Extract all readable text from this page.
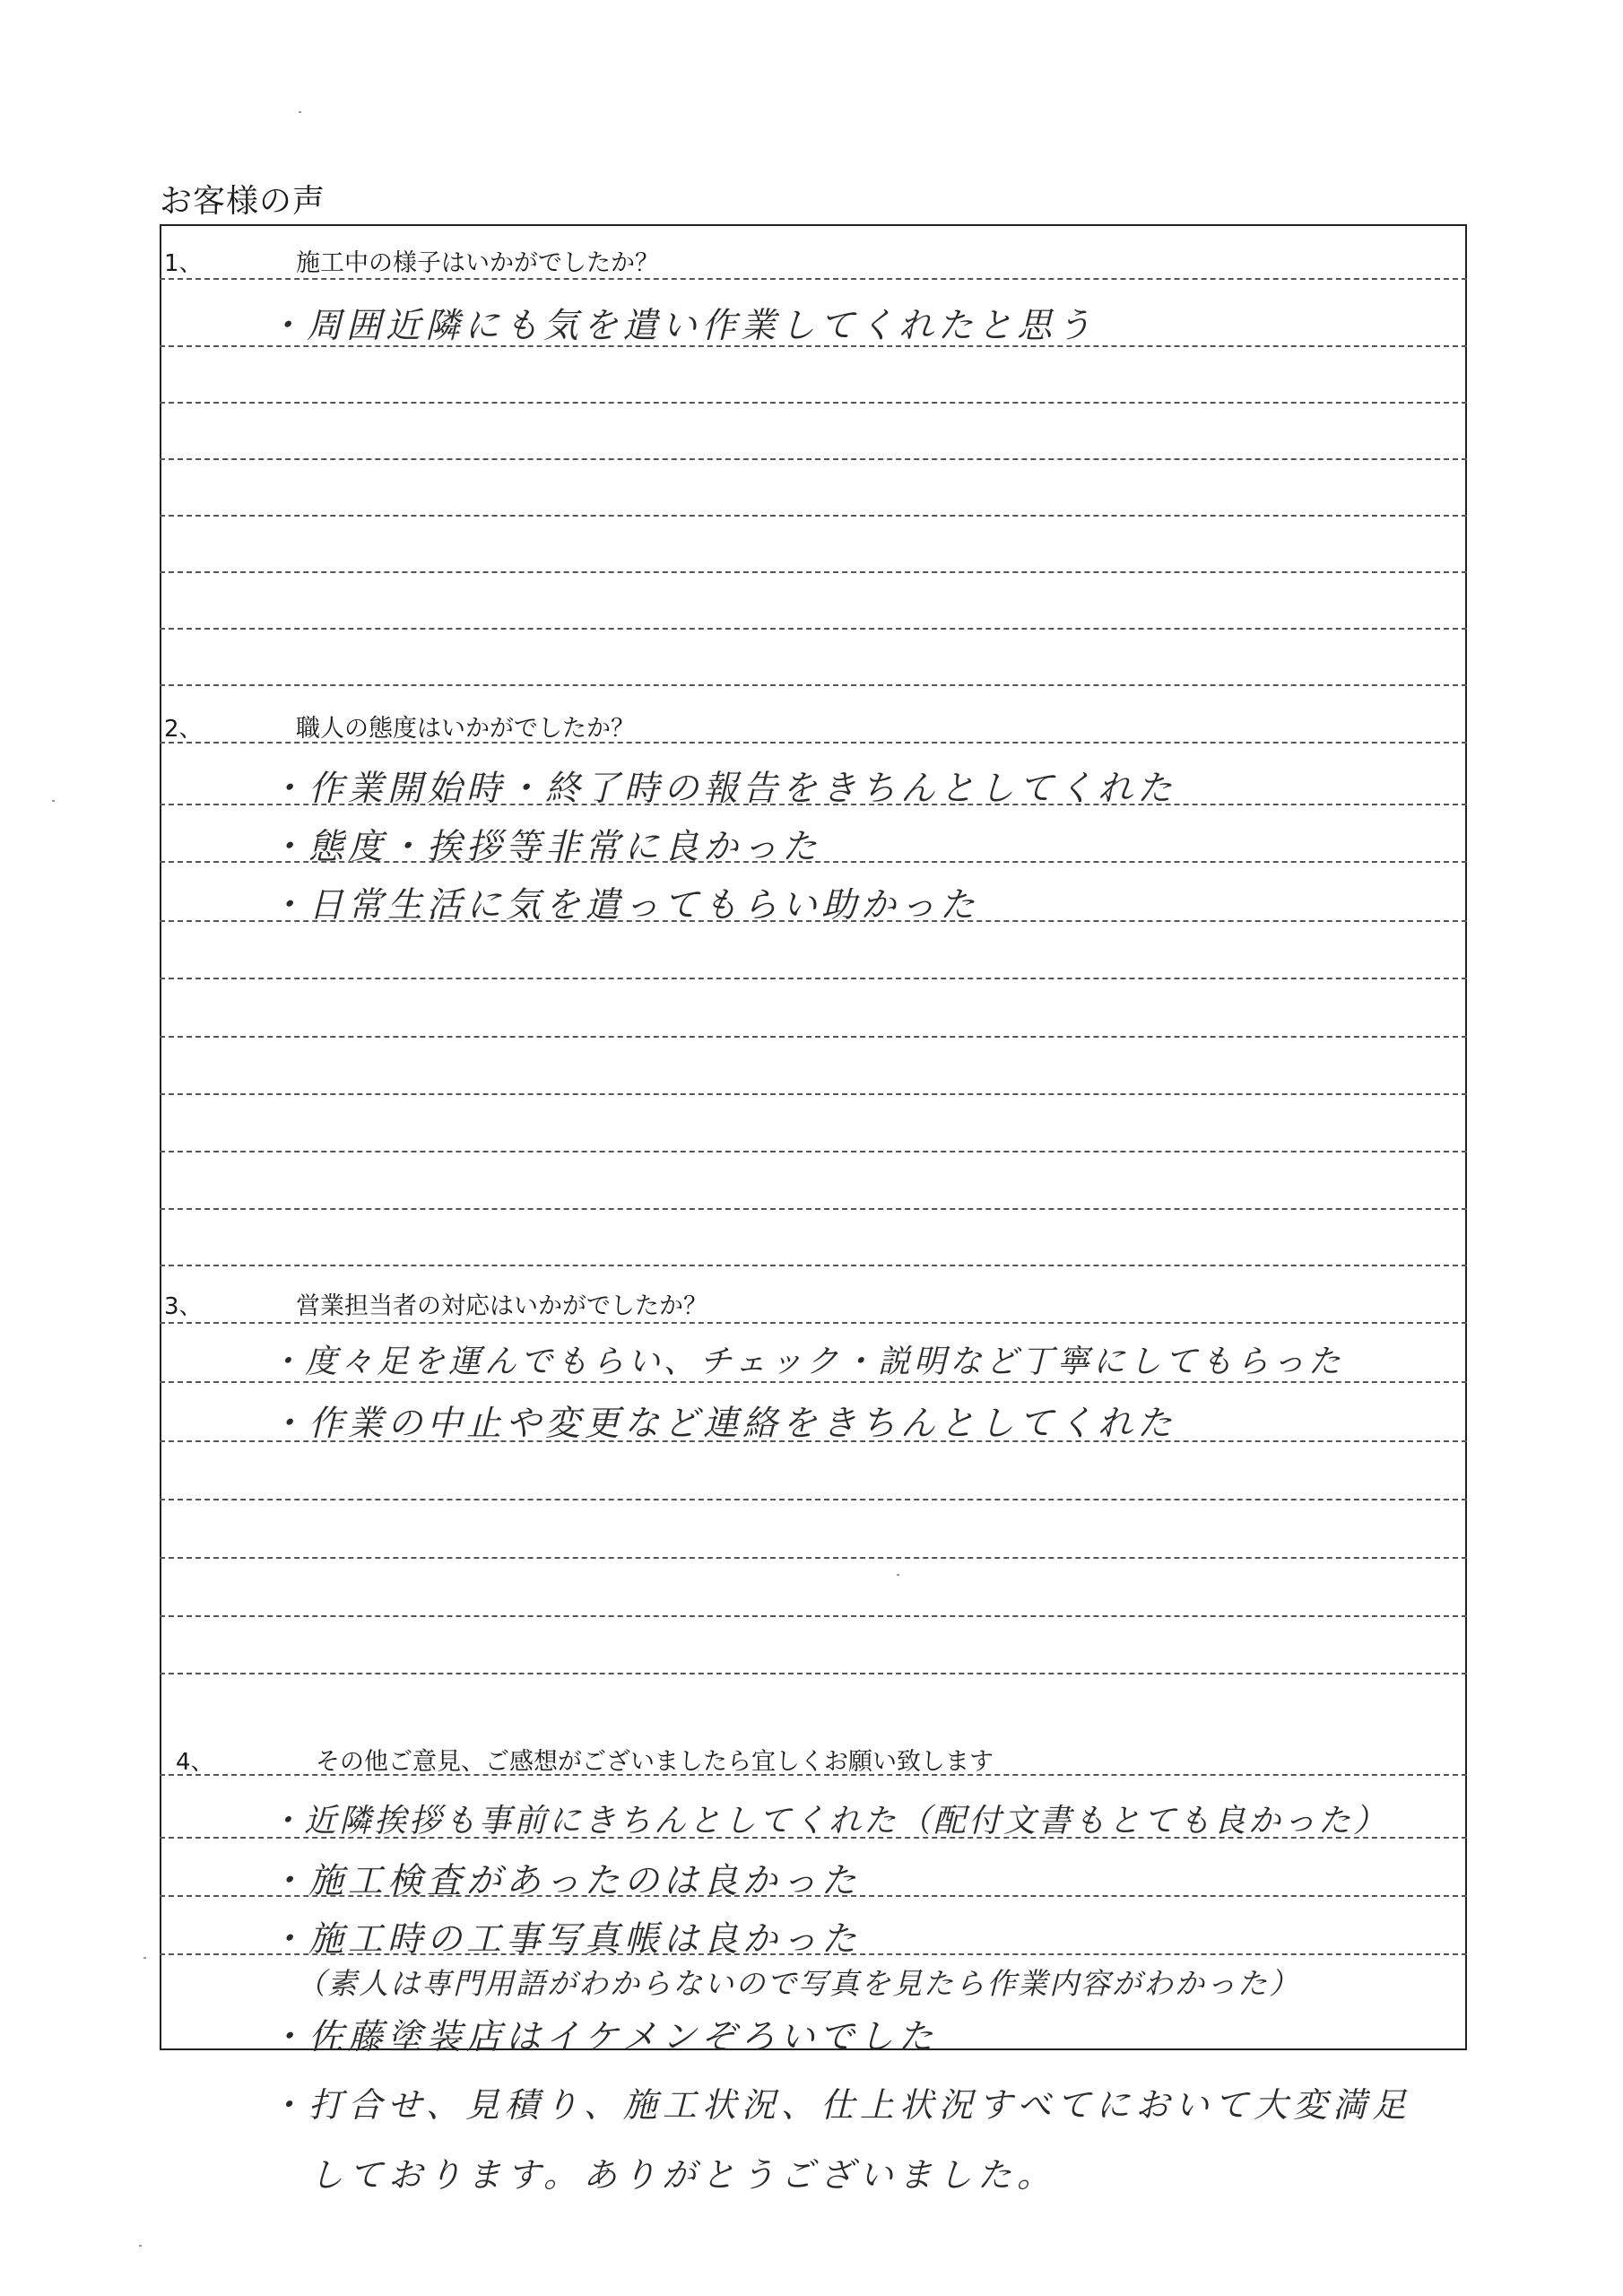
お客様の声
1、	施工中の様子はいかがでしたか？
・周囲近隣にも気を遣い作業してくれたと思う
2、	職人の態度はいかがでしたか？
・作業開始時・終了時の報告をきちんとしてくれた
・態度・挨拶等非常に良かった
・日常生活に気を遣ってもらい助かった
3、	営業担当者の対応はいかがでしたか？
・度々足を運んでもらい、チェック・説明など丁寧にしてもらった
・作業の中止や変更など連絡をきちんとしてくれた
4、	その他ご意見、ご感想がございましたら宜しくお願い致します
・近隣挨拶も事前にきちんとしてくれた（配付文書もとても良かった）
・施工検査があったのは良かった
・施工時の工事写真帳は良かった
（素人は専門用語がわからないので写真を見たら作業内容がわかった）
・佐藤塗装店はイケメンぞろいでした
・打合せ、見積り、施工状況、仕上状況すべてにおいて大変満足
しております。ありがとうございました。
